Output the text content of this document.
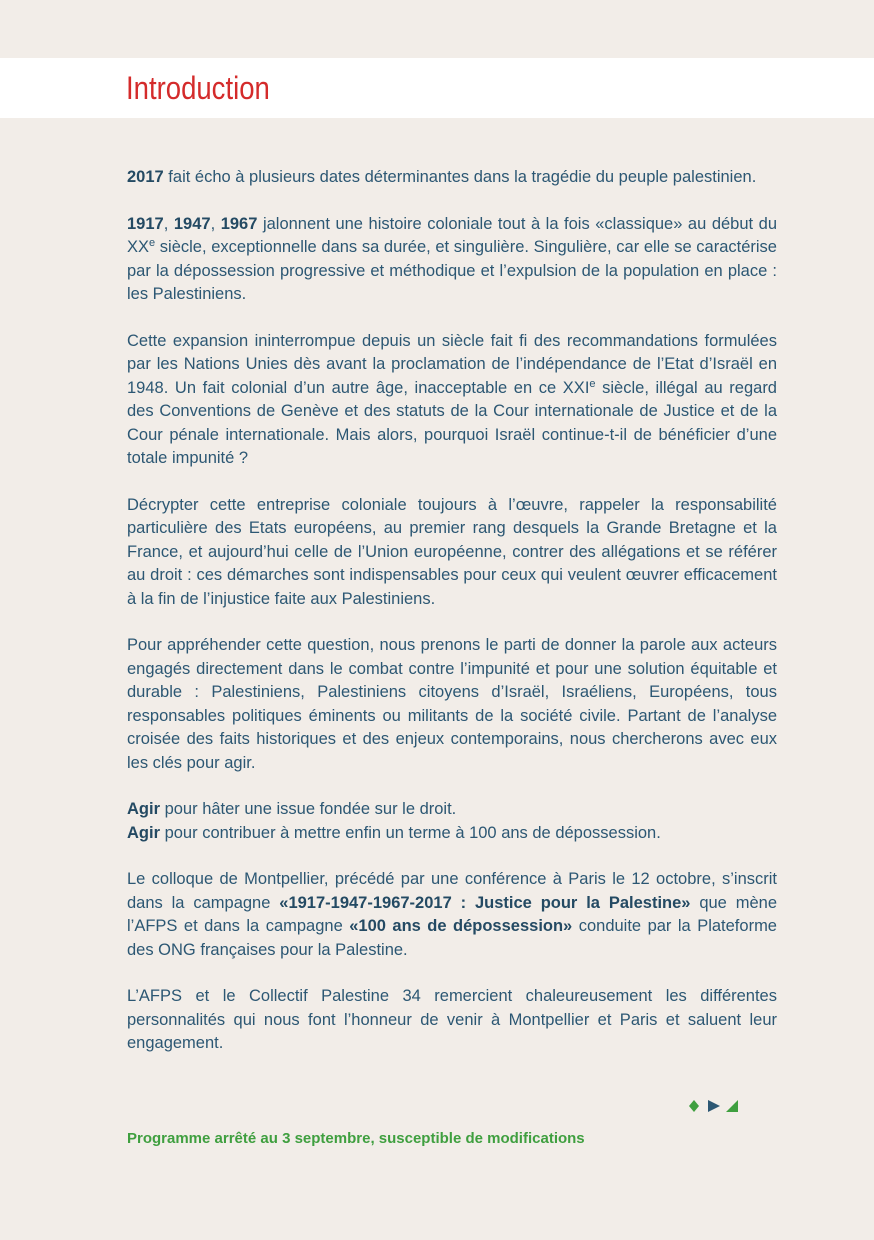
Introduction

2017 fait écho à plusieurs dates déterminantes dans la tragédie du peuple palestinien.

1917, 1947, 1967 jalonnent une histoire coloniale tout à la fois «classique» au début du XXe siècle, exceptionnelle dans sa durée, et singulière. Singulière, car elle se caractérise par la dépossession progressive et méthodique et l’expulsion de la population en place : les Palestiniens.

Cette expansion ininterrompue depuis un siècle fait fi des recommandations formulées par les Nations Unies dès avant la proclamation de l’indépendance de l’Etat d’Israël en 1948. Un fait colonial d’un autre âge, inacceptable en ce XXIe siècle, illégal au regard des Conventions de Genève et des statuts de la Cour internationale de Justice et de la Cour pénale internationale. Mais alors, pourquoi Israël continue-t-il de bénéficier d’une totale impunité ?

Décrypter cette entreprise coloniale toujours à l’œuvre, rappeler la responsabilité particulière des Etats européens, au premier rang desquels la Grande Bretagne et la France, et aujourd’hui celle de l’Union européenne, contrer des allégations et se référer au droit : ces démarches sont indispensables pour ceux qui veulent œuvrer efficacement à la fin de l’injustice faite aux Palestiniens.

Pour appréhender cette question, nous prenons le parti de donner la parole aux acteurs engagés directement dans le combat contre l’impunité et pour une solution équitable et durable : Palestiniens, Palestiniens citoyens d’Israël, Israéliens, Européens, tous responsables politiques éminents ou militants de la société civile. Partant de l’analyse croisée des faits historiques et des enjeux contemporains, nous chercherons avec eux les clés pour agir.

Agir pour hâter une issue fondée sur le droit.

Agir pour contribuer à mettre enfin un terme à 100 ans de dépossession.

Le colloque de Montpellier, précédé par une conférence à Paris le 12 octobre, s’inscrit dans la campagne «1917-1947-1967-2017 : Justice pour la Palestine» que mène l’AFPS et dans la campagne «100 ans de dépossession» conduite par la Plateforme des ONG françaises pour la Palestine.

L’AFPS et le Collectif Palestine 34 remercient chaleureusement les différentes personnalités qui nous font l’honneur de venir à Montpellier et Paris et saluent leur engagement.

Programme arrêté au 3 septembre, susceptible de modifications
